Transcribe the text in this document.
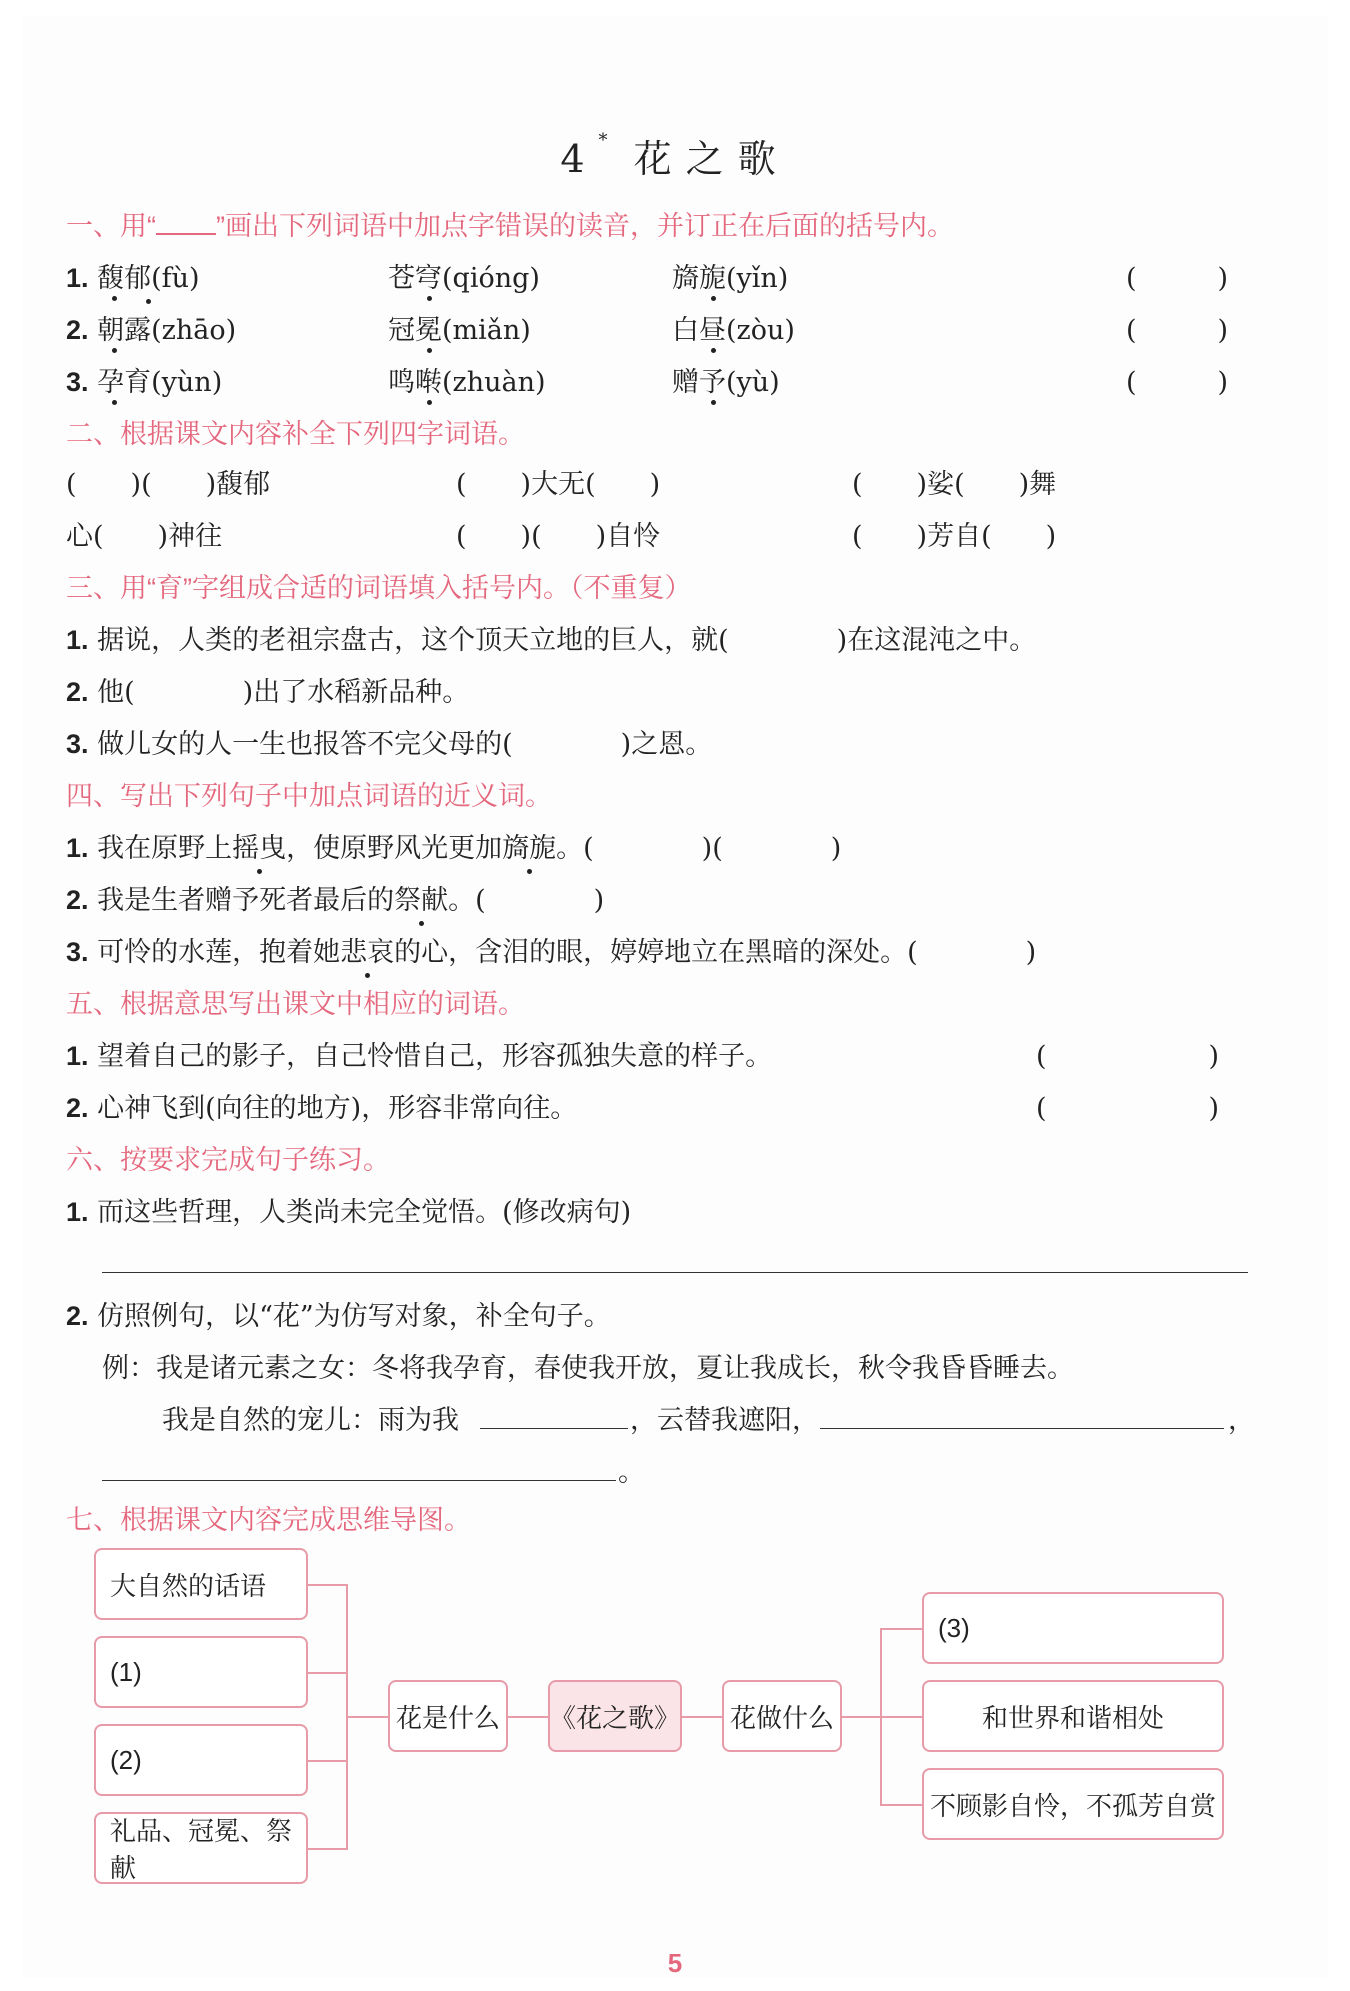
4* 花之歌
一、用“ ”画出下列词语中加点字错误的读音，并订正在后面的括号内。
1. 馥郁(fù)	苍穹(qióng)	旖旎(yǐn)	(　　　)
2. 朝露(zhāo)	冠冕(miǎn)	白昼(zòu)	(　　　)
3. 孕育(yùn)	鸣啭(zhuàn)	赠予(yù)	(　　　)
二、根据课文内容补全下列四字词语。
(　　)(　　)馥郁	(　　)大无(　　)	(　　)娑(　　)舞
心(　　)神往	(　　)(　　)自怜	(　　)芳自(　　)
三、用“育”字组成合适的词语填入括号内。（不重复）
1. 据说，人类的老祖宗盘古，这个顶天立地的巨人，就(　　　　)在这混沌之中。
2. 他(　　　　)出了水稻新品种。
3. 做儿女的人一生也报答不完父母的(　　　　)之恩。
四、写出下列句子中加点词语的近义词。
1. 我在原野上摇曳，使原野风光更加旖旎。(　　　　)(　　　　)
2. 我是生者赠予死者最后的祭献。(　　　　)
3. 可怜的水莲，抱着她悲哀的心，含泪的眼，婷婷地立在黑暗的深处。(　　　　)
五、根据意思写出课文中相应的词语。
1. 望着自己的影子，自己怜惜自己，形容孤独失意的样子。	(　　　　　　)
2. 心神飞到(向往的地方)，形容非常向往。	(　　　　　　)
六、按要求完成句子练习。
1. 而这些哲理，人类尚未完全觉悟。(修改病句)
2. 仿照例句，以“花”为仿写对象，补全句子。
例：我是诸元素之女：冬将我孕育，春使我开放，夏让我成长，秋令我昏昏睡去。
我是自然的宠儿：雨为我	，云替我遮阳，	，
。
七、根据课文内容完成思维导图。
大自然的话语
(1)
(2)
礼品、冠冕、祭献
花是什么	《花之歌》	花做什么
(3)
和世界和谐相处
不顾影自怜，不孤芳自赏
5
